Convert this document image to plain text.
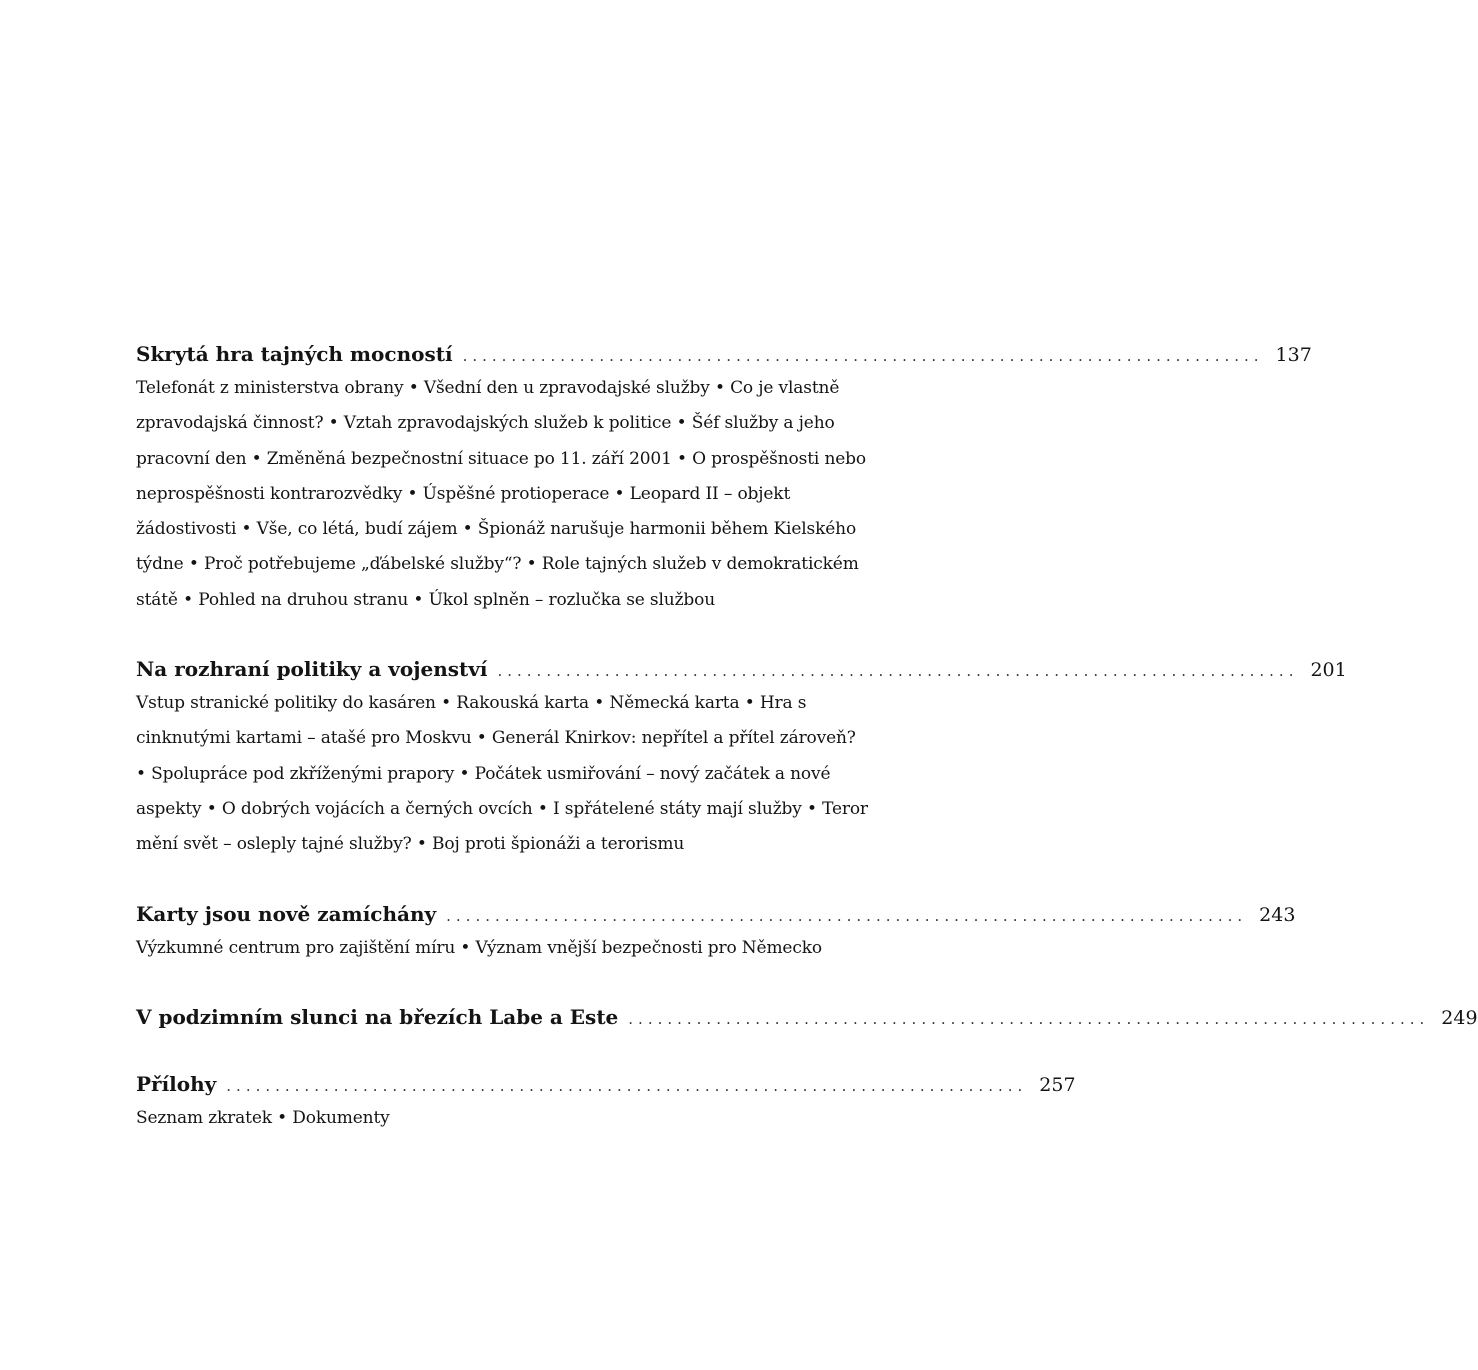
Skrytá hra tajných mocností .................................................................................. 137

Telefonát z ministerstva obrany • Všední den u zpravodajské služby • Co je vlastně zpravodajská činnost? • Vztah zpravodajských služeb k politice • Šéf služby a jeho pracovní den • Změněná bezpečnostní situace po 11. září 2001 • O prospěšnosti nebo neprospěšnosti kontrarozvědky • Úspěšné protioperace • Leopard II – objekt žádostivosti • Vše, co létá, budí zájem • Špionáž narušuje harmonii během Kielského týdne • Proč potřebujeme „ďábelské služby“? • Role tajných služeb v demokratickém státě • Pohled na druhou stranu • Úkol splněn – rozlučka se službou

Na rozhraní politiky a vojenství .................................................................................. 201

Vstup stranické politiky do kasáren • Rakouská karta • Německá karta • Hra s cinknutými kartami – atašé pro Moskvu • Generál Knirkov: nepřítel a přítel zároveň? • Spolupráce pod zkříženými prapory • Počátek usmiřování – nový začátek a nové aspekty • O dobrých vojácích a černých ovcích • I spřátelené státy mají služby • Teror mění svět – osleply tajné služby? • Boj proti špionáži a terorismu

Karty jsou nově zamíchány .................................................................................. 243

Výzkumné centrum pro zajištění míru • Význam vnější bezpečnosti pro Německo

V podzimním slunci na březích Labe a Este .................................................................................. 249
Přílohy .................................................................................. 257

Seznam zkratek • Dokumenty
